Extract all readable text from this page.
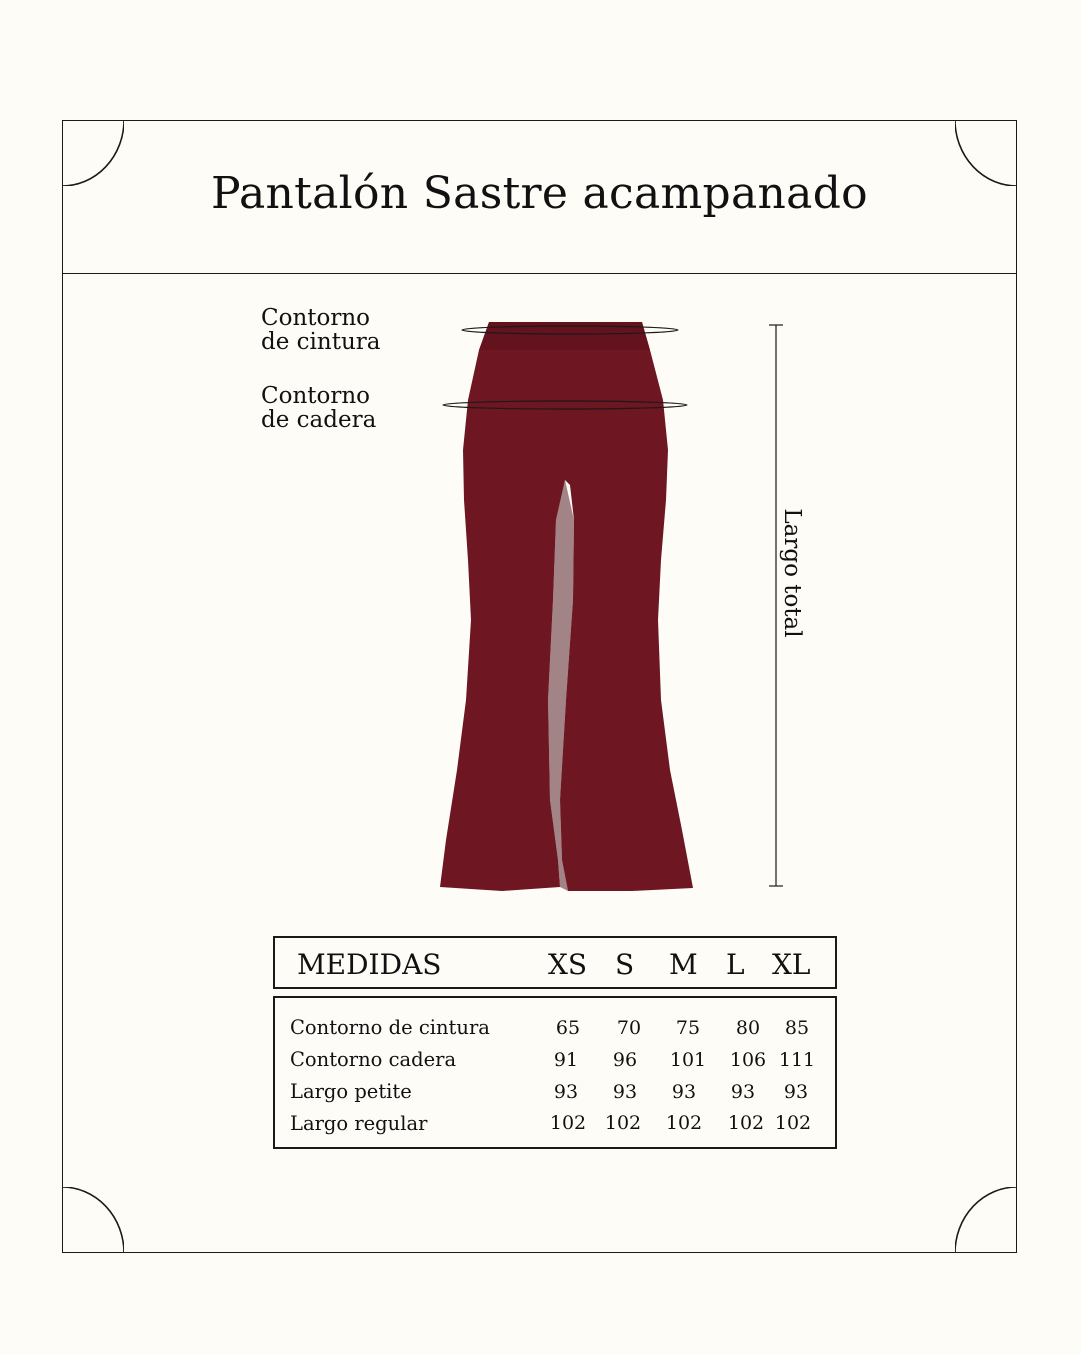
Pantalón Sastre acampanado
Contorno
de cintura
Contorno
de cadera
Largo total
MEDIDAS	XS S M L XL
Contorno de cintura	65	70	75	80	85
Contorno cadera	91	96	101	106 111
Largo petite	93	93	93	93	93
Largo regular	102 102	102	102 102
